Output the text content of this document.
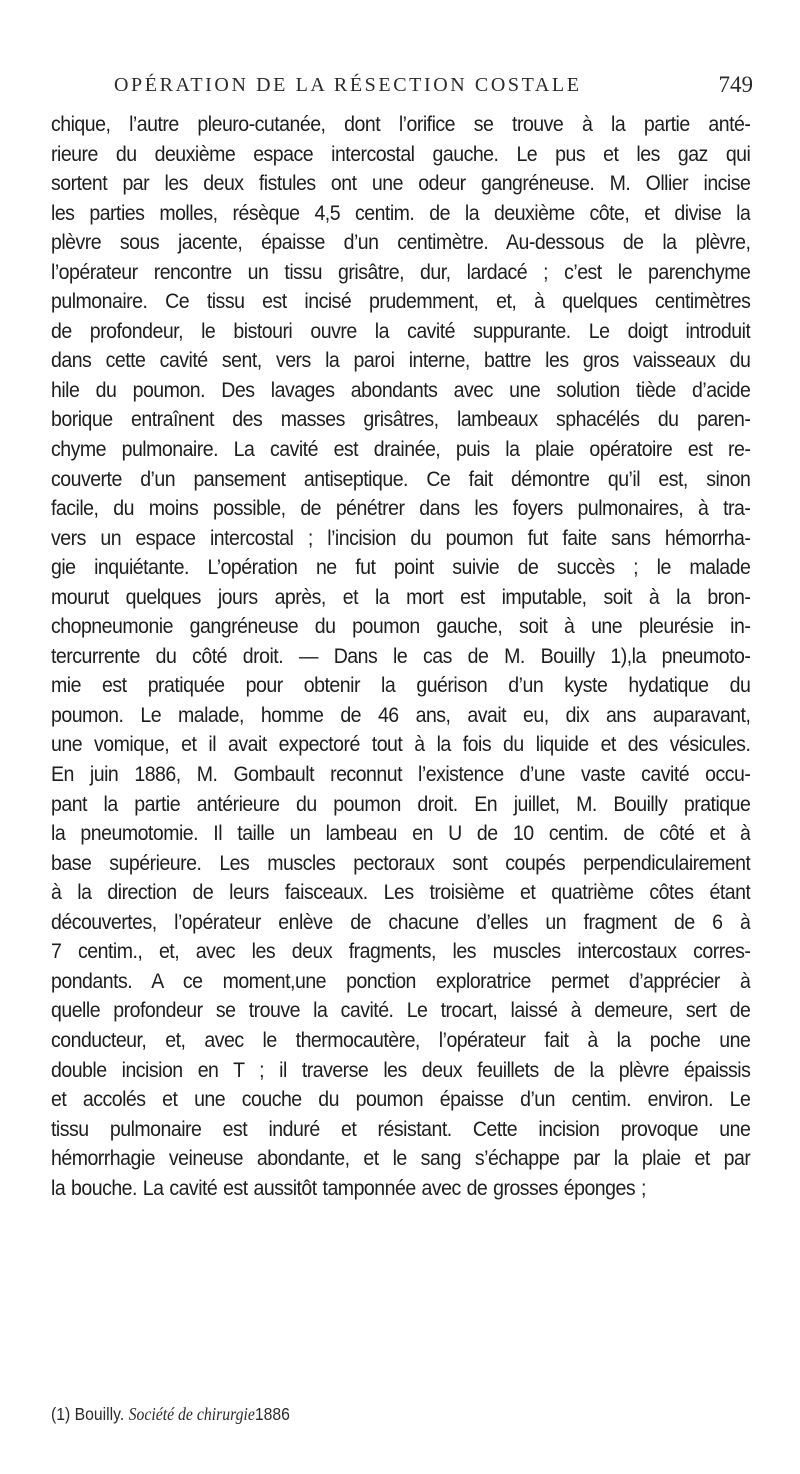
OPÉRATION DE LA RÉSECTION COSTALE	749
chique, l’autre pleuro-cutanée, dont l’orifice se trouve à la partie anté-
rieure du deuxième espace intercostal gauche. Le pus et les gaz qui
sortent par les deux fistules ont une odeur gangréneuse. M. Ollier incise
les parties molles, résèque 4,5 centim. de la deuxième côte, et divise la
plèvre sous jacente, épaisse d’un centimètre. Au-dessous de la plèvre,
l’opérateur rencontre un tissu grisâtre, dur, lardacé ; c’est le parenchyme
pulmonaire. Ce tissu est incisé prudemment, et, à quelques centimètres
de profondeur, le bistouri ouvre la cavité suppurante. Le doigt introduit
dans cette cavité sent, vers la paroi interne, battre les gros vaisseaux du
hile du poumon. Des lavages abondants avec une solution tiède d’acide
borique entraînent des masses grisâtres, lambeaux sphacélés du paren-
chyme pulmonaire. La cavité est drainée, puis la plaie opératoire est re-
couverte d’un pansement antiseptique. Ce fait démontre qu’il est, sinon
facile, du moins possible, de pénétrer dans les foyers pulmonaires, à tra-
vers un espace intercostal ; l’incision du poumon fut faite sans hémorrha-
gie inquiétante. L’opération ne fut point suivie de succès ; le malade
mourut quelques jours après, et la mort est imputable, soit à la bron-
chopneumonie gangréneuse du poumon gauche, soit à une pleurésie in-
tercurrente du côté droit. — Dans le cas de M. Bouilly 1),la pneumoto-
mie est pratiquée pour obtenir la guérison d’un kyste hydatique du
poumon. Le malade, homme de 46 ans, avait eu, dix ans auparavant,
une vomique, et il avait expectoré tout à la fois du liquide et des vésicules.
En juin 1886, M. Gombault reconnut l’existence d’une vaste cavité occu-
pant la partie antérieure du poumon droit. En juillet, M. Bouilly pratique
la pneumotomie. Il taille un lambeau en U de 10 centim. de côté et à
base supérieure. Les muscles pectoraux sont coupés perpendiculairement
à la direction de leurs faisceaux. Les troisième et quatrième côtes étant
découvertes, l’opérateur enlève de chacune d’elles un fragment de 6 à
7 centim., et, avec les deux fragments, les muscles intercostaux corres-
pondants. A ce moment,une ponction exploratrice permet d’apprécier à
quelle profondeur se trouve la cavité. Le trocart, laissé à demeure, sert de
conducteur, et, avec le thermocautère, l’opérateur fait à la poche une
double incision en T ; il traverse les deux feuillets de la plèvre épaissis
et accolés et une couche du poumon épaisse d’un centim. environ. Le
tissu pulmonaire est induré et résistant. Cette incision provoque une
hémorrhagie veineuse abondante, et le sang s’échappe par la plaie et par
la bouche. La cavité est aussitôt tamponnée avec de grosses éponges ;
(1) Bouilly. Société de chirurgie1886
